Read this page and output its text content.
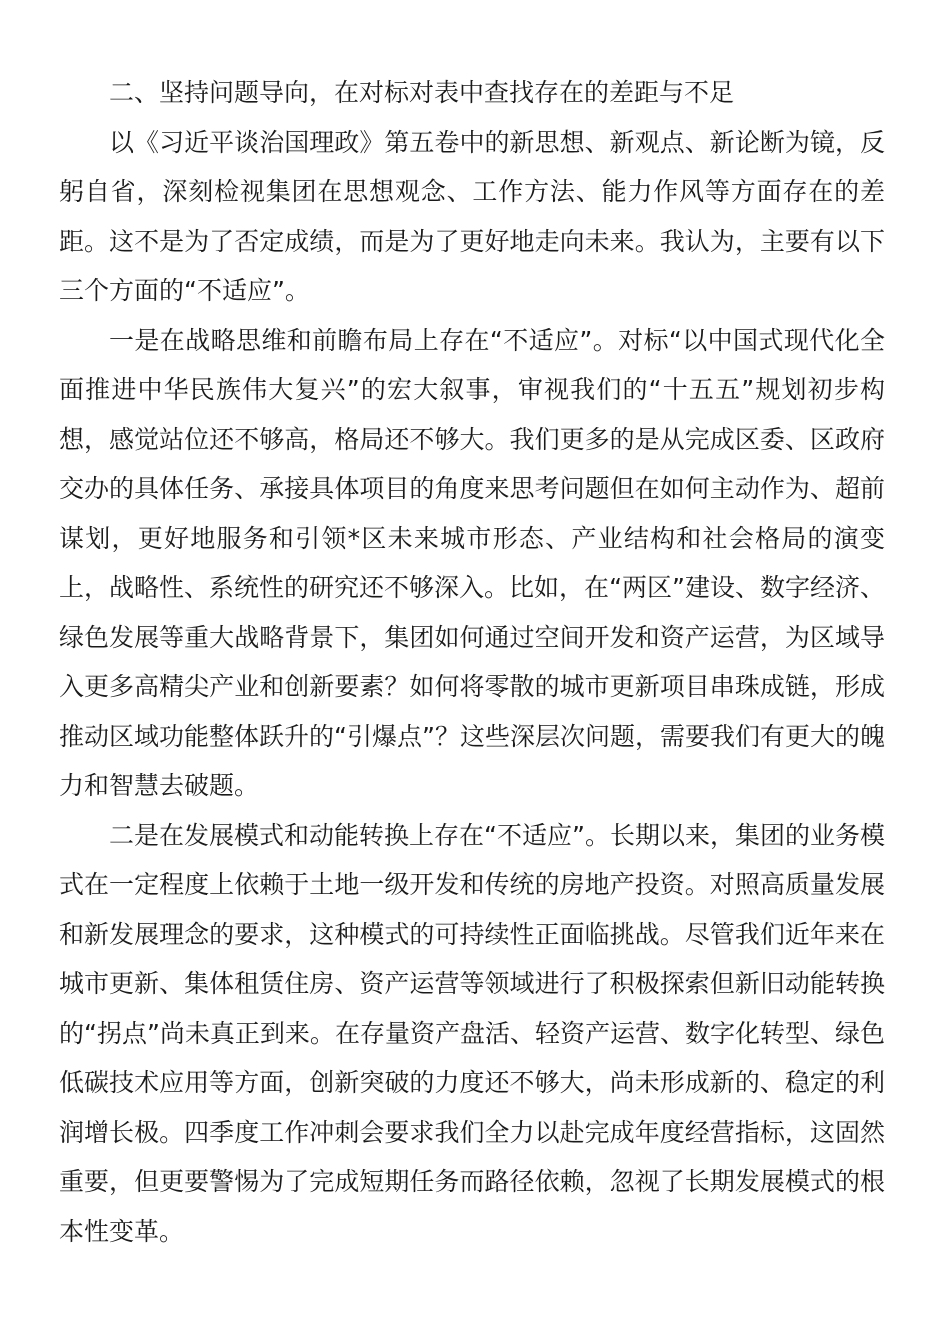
二、坚持问题导向，在对标对表中查找存在的差距与不足

以《习近平谈治国理政》第五卷中的新思想、新观点、新论断为镜，反躬自省，深刻检视集团在思想观念、工作方法、能力作风等方面存在的差距。这不是为了否定成绩，而是为了更好地走向未来。我认为，主要有以下三个方面的“不适应”。

一是在战略思维和前瞻布局上存在“不适应”。对标“以中国式现代化全面推进中华民族伟大复兴”的宏大叙事，审视我们的“十五五”规划初步构想，感觉站位还不够高，格局还不够大。我们更多的是从完成区委、区政府交办的具体任务、承接具体项目的角度来思考问题但在如何主动作为、超前谋划，更好地服务和引领*区未来城市形态、产业结构和社会格局的演变上，战略性、系统性的研究还不够深入。比如，在“两区”建设、数字经济、绿色发展等重大战略背景下，集团如何通过空间开发和资产运营，为区域导入更多高精尖产业和创新要素？如何将零散的城市更新项目串珠成链，形成推动区域功能整体跃升的“引爆点”？这些深层次问题，需要我们有更大的魄力和智慧去破题。

二是在发展模式和动能转换上存在“不适应”。长期以来，集团的业务模式在一定程度上依赖于土地一级开发和传统的房地产投资。对照高质量发展和新发展理念的要求，这种模式的可持续性正面临挑战。尽管我们近年来在城市更新、集体租赁住房、资产运营等领域进行了积极探索但新旧动能转换的“拐点”尚未真正到来。在存量资产盘活、轻资产运营、数字化转型、绿色低碳技术应用等方面，创新突破的力度还不够大，尚未形成新的、稳定的利润增长极。四季度工作冲刺会要求我们全力以赴完成年度经营指标，这固然重要，但更要警惕为了完成短期任务而路径依赖，忽视了长期发展模式的根本性变革。
